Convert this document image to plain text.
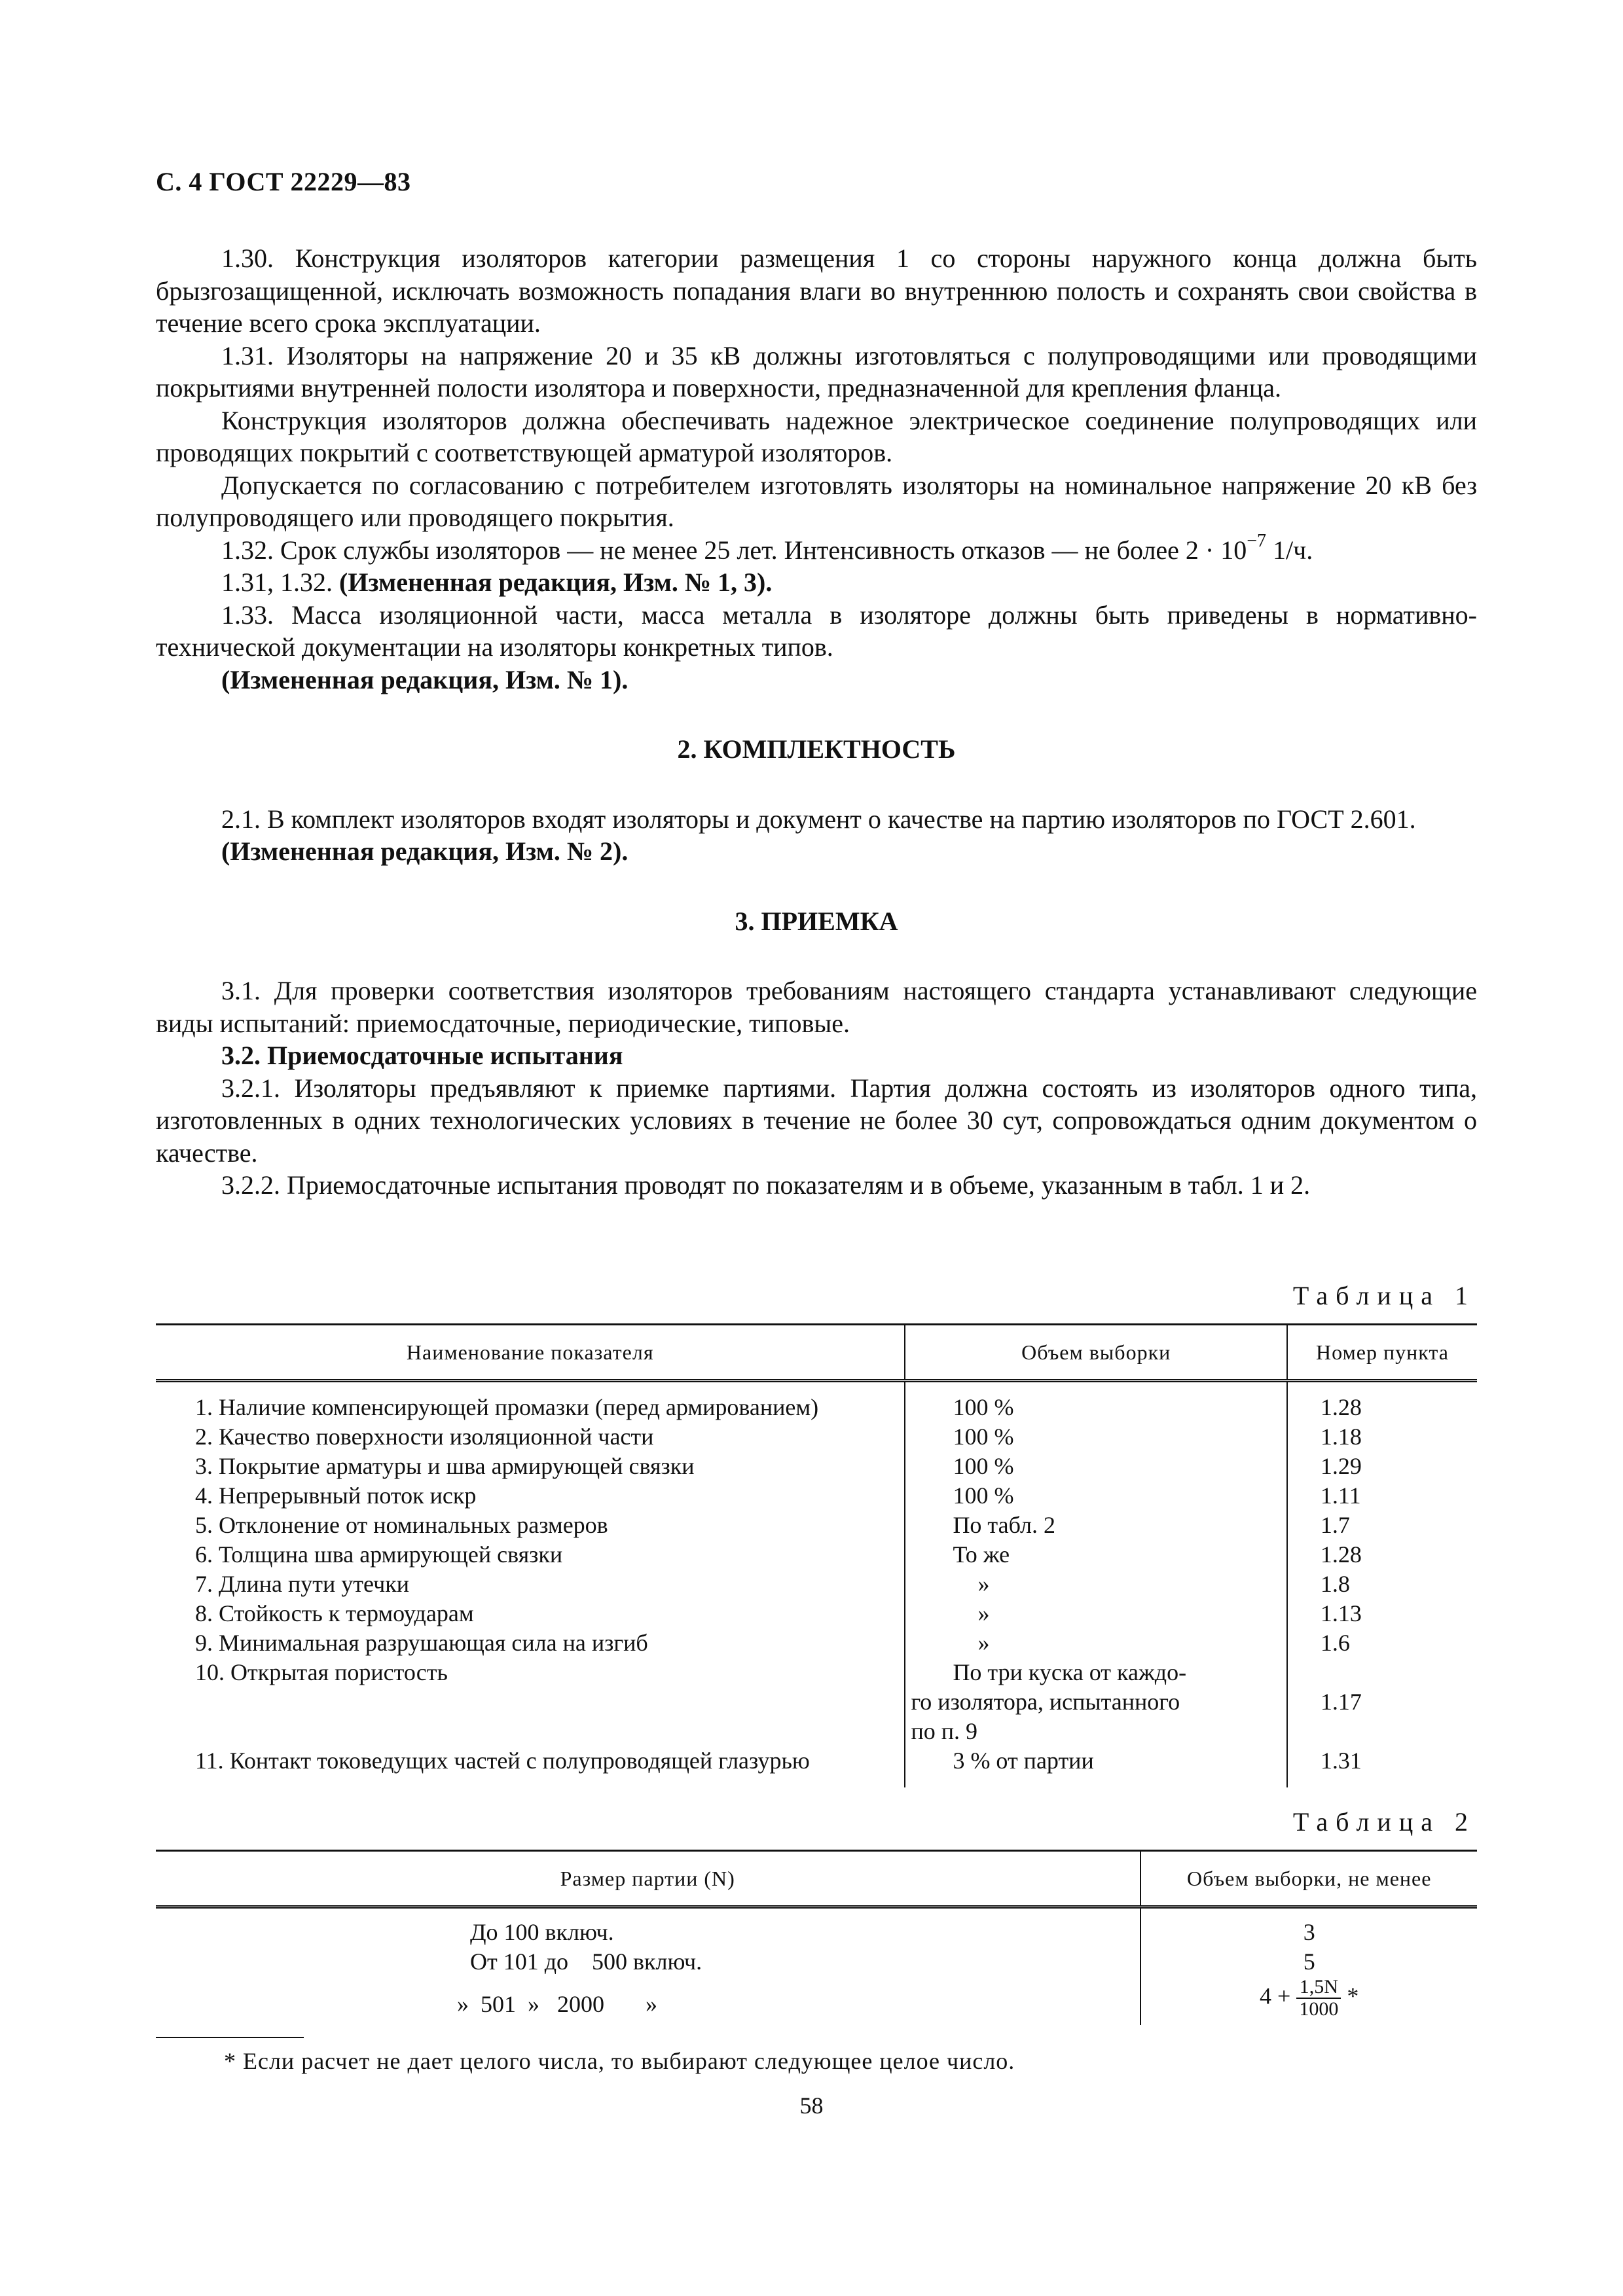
С. 4 ГОСТ 22229—83

1.30. Конструкция изоляторов категории размещения 1 со стороны наружного конца должна быть брызгозащищенной, исключать возможность попадания влаги во внутреннюю полость и сохранять свои свойства в течение всего срока эксплуатации.

1.31. Изоляторы на напряжение 20 и 35 кВ должны изготовляться с полупроводящими или проводящими покрытиями внутренней полости изолятора и поверхности, предназначенной для крепления фланца.

Конструкция изоляторов должна обеспечивать надежное электрическое соединение полупроводящих или проводящих покрытий с соответствующей арматурой изоляторов.

Допускается по согласованию с потребителем изготовлять изоляторы на номинальное напряжение 20 кВ без полупроводящего или проводящего покрытия.

1.32. Срок службы изоляторов — не менее 25 лет. Интенсивность отказов — не более $2 \cdot 10^{-7}$ 1/ч.

1.31, 1.32. (Измененная редакция, Изм. № 1, 3).

1.33. Масса изоляционной части, масса металла в изоляторе должны быть приведены в нормативно-технической документации на изоляторы конкретных типов.

(Измененная редакция, Изм. № 1).

2. КОМПЛЕКТНОСТЬ

2.1. В комплект изоляторов входят изоляторы и документ о качестве на партию изоляторов по ГОСТ 2.601.

(Измененная редакция, Изм. № 2).

3. ПРИЕМКА

3.1. Для проверки соответствия изоляторов требованиям настоящего стандарта устанавливают следующие виды испытаний: приемосдаточные, периодические, типовые.

3.2. Приемосдаточные испытания

3.2.1. Изоляторы предъявляют к приемке партиями. Партия должна состоять из изоляторов одного типа, изготовленных в одних технологических условиях в течение не более 30 сут, сопровождаться одним документом о качестве.

3.2.2. Приемосдаточные испытания проводят по показателям и в объеме, указанным в табл. 1 и 2.

Таблица 1
Наименование показателя	Объем выборки	Номер пункта
1. Наличие компенсирующей промазки (перед армированием)	100 %	1.28
2. Качество поверхности изоляционной части	100 %	1.18
3. Покрытие арматуры и шва армирующей связки	100 %	1.29
4. Непрерывный поток искр	100 %	1.11
5. Отклонение от номинальных размеров	По табл. 2	1.7
6. Толщина шва армирующей связки	То же	1.28
7. Длина пути утечки	»	1.8
8. Стойкость к термоударам	»	1.13
9. Минимальная разрушающая сила на изгиб	»	1.6
10. Открытая пористость	По три куска от каждо-
го изолятора, испытанного
по п. 9	1.17
11. Контакт токоведущих частей с полупроводящей глазурью	3 % от партии	1.31
Таблица 2
Размер партии (N)	Объем выборки, не менее
До 100 включ.	3
От 101 до    500 включ.	5
»  501  »   2000       »	$4 + \frac{1,5N}{1000}$ *
* Если расчет не дает целого числа, то выбирают следующее целое число.
58
